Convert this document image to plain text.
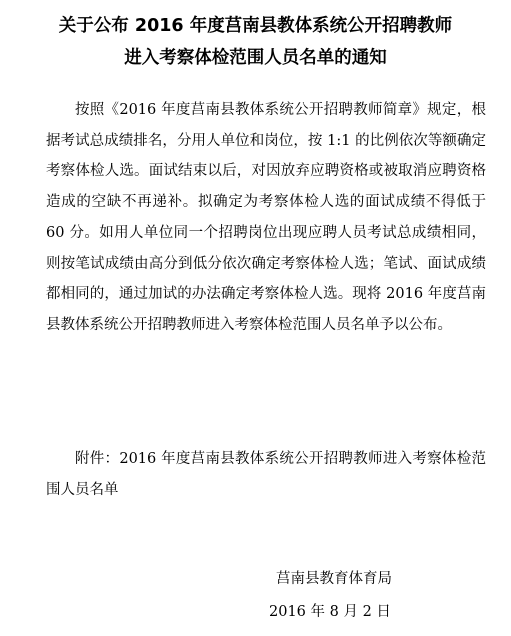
关于公布 2016 年度莒南县教体系统公开招聘教师
进入考察体检范围人员名单的通知

按照《2016 年度莒南县教体系统公开招聘教师简章》规定，根据考试总成绩排名，分用人单位和岗位，按 1:1 的比例依次等额确定考察体检人选。面试结束以后，对因放弃应聘资格或被取消应聘资格造成的空缺不再递补。拟确定为考察体检人选的面试成绩不得低于 60 分。如用人单位同一个招聘岗位出现应聘人员考试总成绩相同，则按笔试成绩由高分到低分依次确定考察体检人选；笔试、面试成绩都相同的，通过加试的办法确定考察体检人选。现将 2016 年度莒南县教体系统公开招聘教师进入考察体检范围人员名单予以公布。

附件：2016 年度莒南县教体系统公开招聘教师进入考察体检范围人员名单

莒南县教育体育局
2016 年 8 月 2 日
